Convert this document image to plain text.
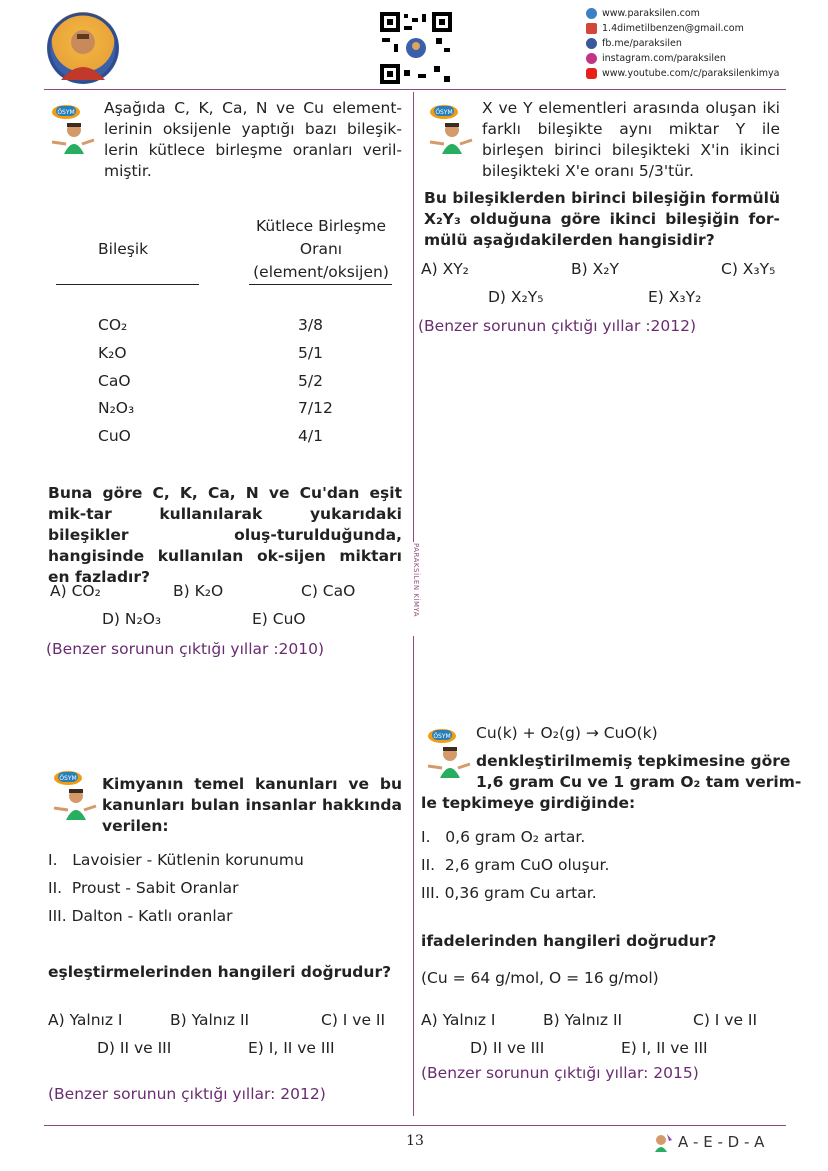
www.paraksilen.com
1.4dimetilbenzen@gmail.com
fb.me/paraksilen
instagram.com/paraksilen
www.youtube.com/c/paraksilenkimya
PARAKSİLEN KİMYA
ÖSYM Aşağıda C, K, Ca, N ve Cu element-lerinin oksijenle yaptığı bazı bileşik-lerin kütlece birleşme oranları veril-miştir.
Bileşik
Kütlece Birleşme
Oranı
(element/oksijen)
CO₂	3/8
K₂O	5/1
CaO	5/2
N₂O₃	7/12
CuO	4/1
Buna göre C, K, Ca, N ve Cu'dan eşit mik-tar kullanılarak yukarıdaki bileşikler oluş-turulduğunda, hangisinde kullanılan ok-sijen miktarı en fazladır?
A) CO₂	B) K₂O	C) CaO
D) N₂O₃	E) CuO
(Benzer sorunun çıktığı yıllar :2010)
ÖSYM X ve Y elementleri arasında oluşan iki farklı bileşikte aynı miktar Y ile birleşen birinci bileşikteki X'in ikinci bileşikteki X'e oranı 5/3'tür.
Bu bileşiklerden birinci bileşiğin formülü X₂Y₃ olduğuna göre ikinci bileşiğin for-mülü aşağıdakilerden hangisidir?
A) XY₂	B) X₂Y	C) X₃Y₅
D) X₂Y₅	E) X₃Y₂
(Benzer sorunun çıktığı yıllar :2012)
ÖSYM Kimyanın temel kanunları ve bu kanunları bulan insanlar hakkında verilen:
I.   Lavoisier - Kütlenin korunumu
II.  Proust - Sabit Oranlar
III. Dalton - Katlı oranlar
eşleştirmelerinden hangileri doğrudur?
A) Yalnız I	B) Yalnız II	C) I ve II
D) II ve III	E) I, II ve III
(Benzer sorunun çıktığı yıllar: 2012)
ÖSYM Cu(k) + O₂(g) → CuO(k)
denkleştirilmemiş tepkimesine göre
1,6 gram Cu ve 1 gram O₂ tam verim-
le tepkimeye girdiğinde:
I.   0,6 gram O₂ artar.
II.  2,6 gram CuO oluşur.
III. 0,36 gram Cu artar.
ifadelerinden hangileri doğrudur?
(Cu = 64 g/mol, O = 16 g/mol)
A) Yalnız I	B) Yalnız II	C) I ve II
D) II ve III	E) I, II ve III
(Benzer sorunun çıktığı yıllar: 2015)
13	A - E - D - A
